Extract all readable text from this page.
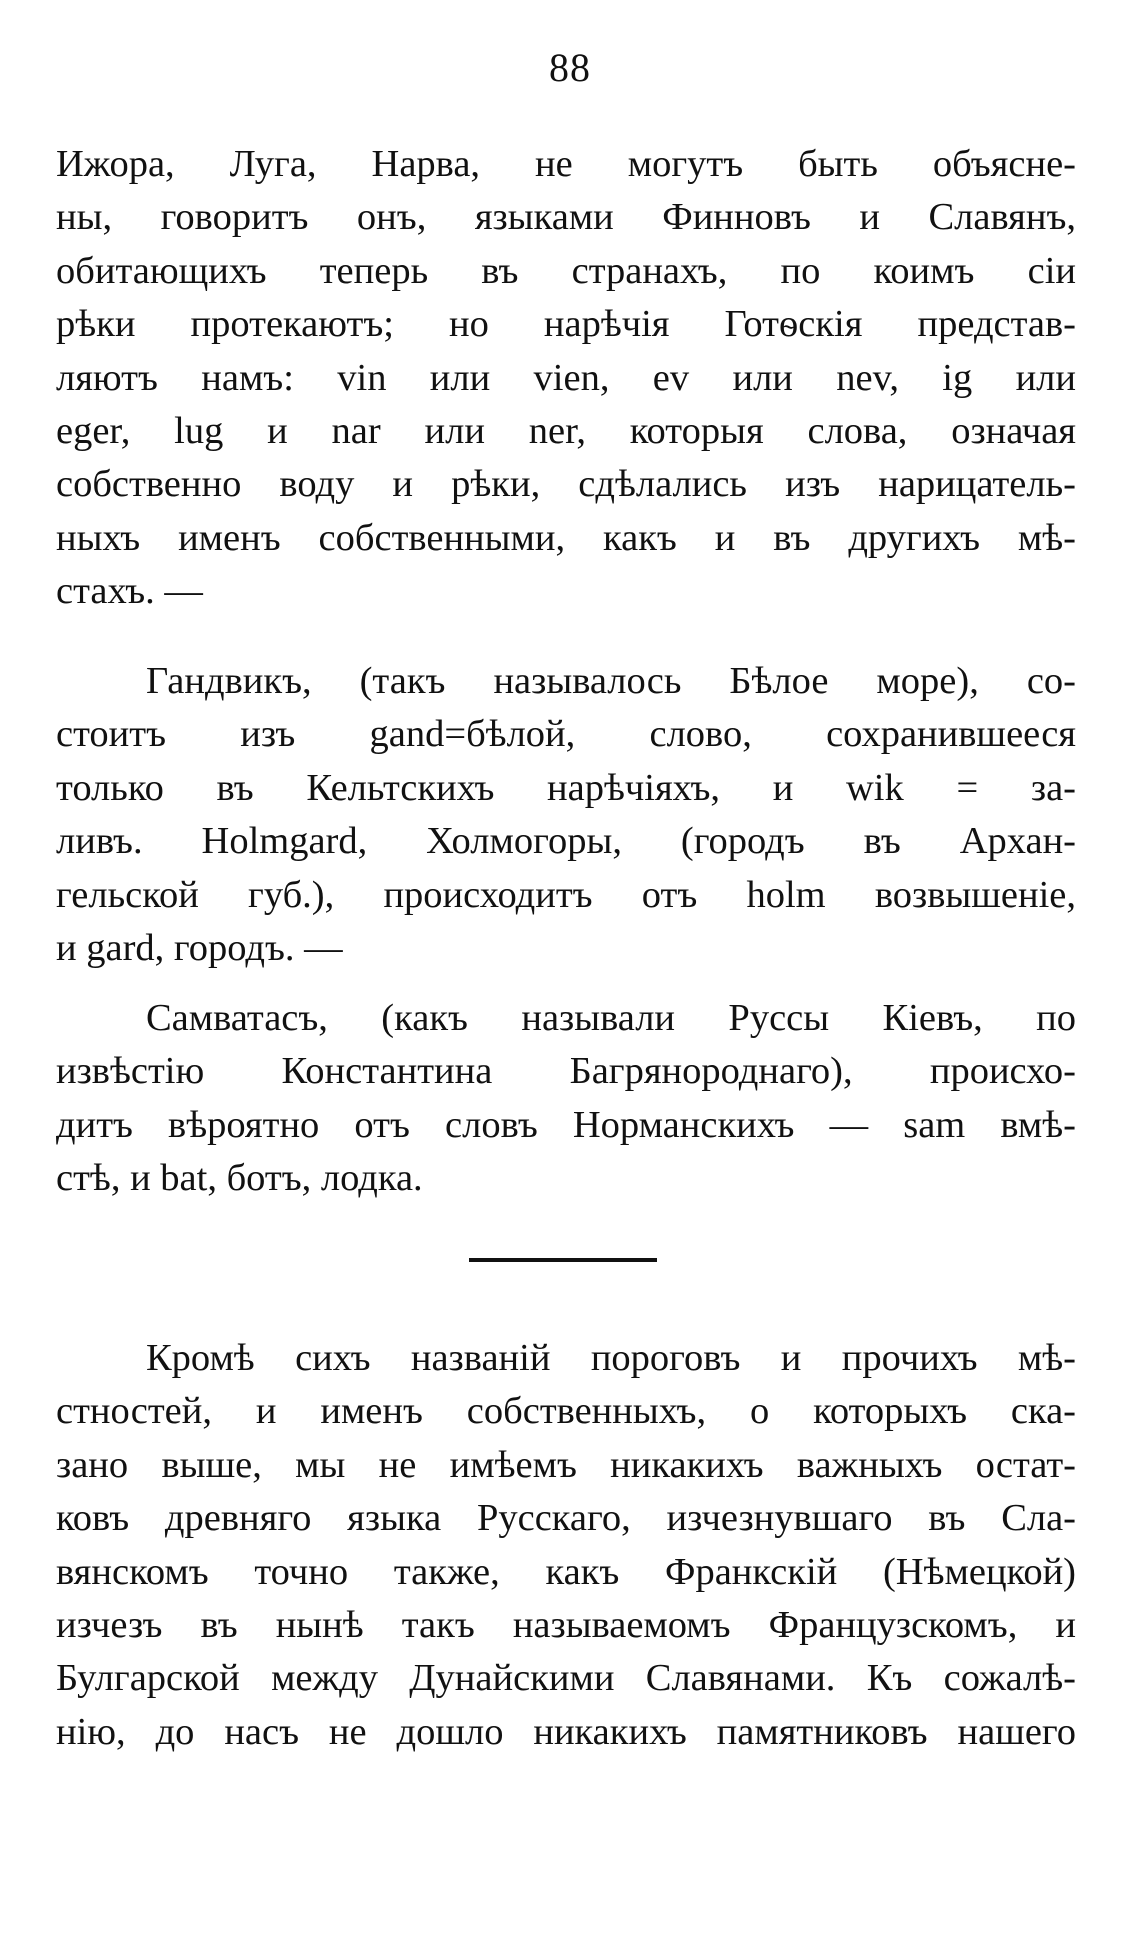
88
Ижора, Луга, Нарва, не могутъ быть объясне-
ны, говоритъ онъ, языками Финновъ и Славянъ,
обитающихъ теперь въ странахъ, по коимъ сіи
рѣки протекаютъ; но нарѣчія Готѳскія представ-
ляютъ намъ: vin или vien, ev или nev, ig или
eger, lug и nar или ner, которыя слова, означая
собственно воду и рѣки, сдѣлались изъ нарицатель-
ныхъ именъ собственными, какъ и въ другихъ мѣ-
стахъ. —
Гандвикъ, (такъ называлось Бѣлое море), со-
стоитъ изъ gand=бѣлой, слово, сохранившееся
только въ Кельтскихъ нарѣчіяхъ, и wik = за-
ливъ. Holmgard, Холмогоры, (городъ въ Архан-
гельской губ.), происходитъ отъ holm возвышеніе,
и gard, городъ. —
Самватасъ, (какъ называли Руссы Кіевъ, по
извѣстію Константина Багрянороднаго), происхо-
дитъ вѣроятно отъ словъ Норманскихъ — sam вмѣ-
стѣ, и bat, ботъ, лодка.
Кромѣ сихъ названій пороговъ и прочихъ мѣ-
стностей, и именъ собственныхъ, о которыхъ ска-
зано выше, мы не имѣемъ никакихъ важныхъ остат-
ковъ древняго языка Русскаго, изчезнувшаго въ Сла-
вянскомъ точно также, какъ Франкскій (Нѣмецкой)
изчезъ въ нынѣ такъ называемомъ Французскомъ, и
Булгарской между Дунайскими Славянами. Къ сожалѣ-
нію, до насъ не дошло никакихъ памятниковъ нашего
